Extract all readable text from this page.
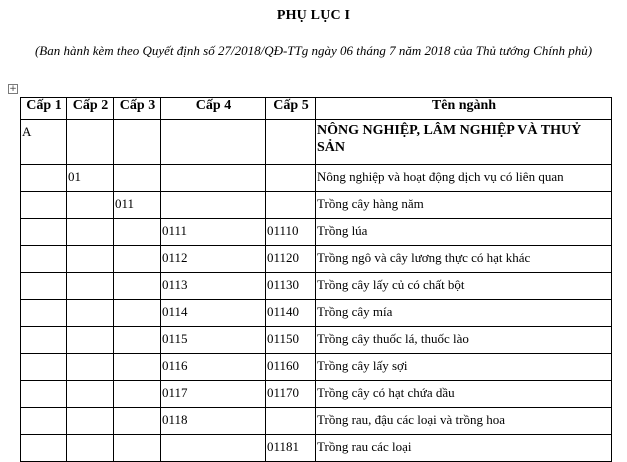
PHỤ LỤC I
(Ban hành kèm theo Quyết định số 27/2018/QĐ-TTg ngày 06 tháng 7 năm 2018 của Thủ tướng Chính phủ)
+
Cấp 1	Cấp 2	Cấp 3	Cấp 4	Cấp 5	Tên ngành
A					NÔNG NGHIỆP, LÂM NGHIỆP VÀ THUỶ SẢN
	01				Nông nghiệp và hoạt động dịch vụ có liên quan
		011			Trồng cây hàng năm
			0111	01110	Trồng lúa
			0112	01120	Trồng ngô và cây lương thực có hạt khác
			0113	01130	Trồng cây lấy củ có chất bột
			0114	01140	Trồng cây mía
			0115	01150	Trồng cây thuốc lá, thuốc lào
			0116	01160	Trồng cây lấy sợi
			0117	01170	Trồng cây có hạt chứa dầu
			0118		Trồng rau, đậu các loại và trồng hoa
				01181	Trồng rau các loại
